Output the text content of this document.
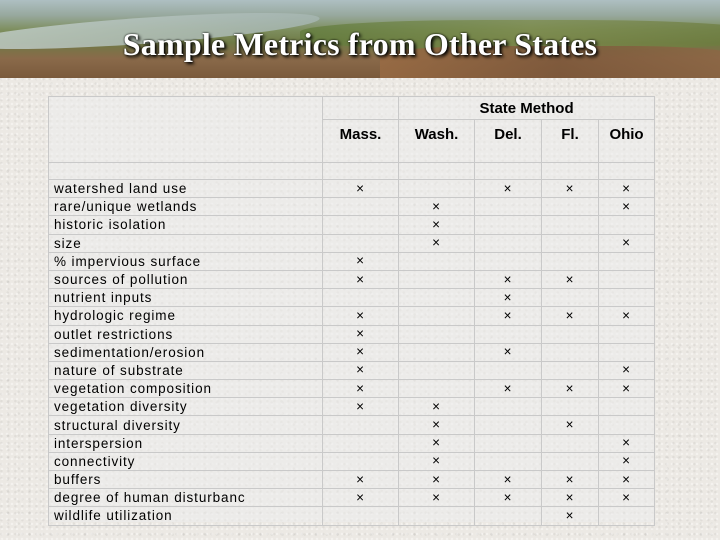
Sample Metrics from Other States
		State Method			
	Mass.	Wash.	Del.	Fl.	Ohio

watershed land use	×		×	×	×
rare/unique wetlands		×			×
historic isolation		×			
size		×			×
% impervious surface	×				
sources of pollution	×		×	×	
nutrient inputs			×		
hydrologic regime	×		×	×	×
outlet restrictions	×				
sedimentation/erosion	×		×		
nature of substrate	×				×
vegetation composition	×		×	×	×
vegetation diversity	×	×			
structural diversity		×		×	
interspersion		×			×
connectivity		×			×
buffers	×	×	×	×	×
degree of human disturbanc	×	×	×	×	×
wildlife utilization				×	
